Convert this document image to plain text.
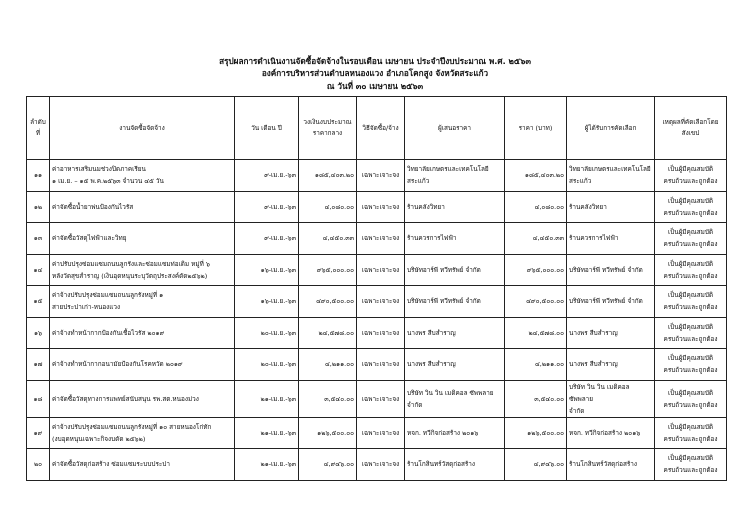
สรุปผลการดำเนินงานจัดซื้อจัดจ้างในรอบเดือน เมษายน ประจำปีงบประมาณ พ.ศ. ๒๕๖๓
องค์การบริหารส่วนตำบลหนองแวง อำเภอโคกสูง จังหวัดสระแก้ว
ณ วันที่ ๓๐ เมษายน ๒๕๖๓
ลำดับที่	งานจัดซื้อจัดจ้าง	วัน เดือน ปี	วงเงินงบประมาณราคากลาง	วิธีจัดซื้อ/จ้าง	ผู้เสนอราคา	ราคา (บาท)	ผู้ได้รับการคัดเลือก	เหตุผลที่คัดเลือกโดยสังเขป
๑๑	ค่าอาหารเสริมนมช่วงปิดภาคเรียน
๑ เม.ย. – ๑๕ พ.ค.๒๕๖๓ จำนวน ๔๕ วัน	๙-เม.ย.-๖๓	๑๘๕,๔๐๓.๒๐	เฉพาะเจาะจง	วิทยาลัยเกษตรและเทคโนโลยี
สระแก้ว	๑๘๕,๔๐๓.๒๐	วิทยาลัยเกษตรและเทคโนโลยี
สระแก้ว	เป็นผู้มีคุณสมบัติ
ครบถ้วนและถูกต้อง
๑๒	ค่าจัดซื้อน้ำยาพ่นป้องกันไวรัส	๙-เม.ย.-๖๓	๔,๐๘๐.๐๐	เฉพาะเจาะจง	ร้านคลังวิทยา	๔,๐๘๐.๐๐	ร้านคลังวิทยา	เป็นผู้มีคุณสมบัติ
ครบถ้วนและถูกต้อง
๑๓	ค่าจัดซื้อวัสดุไฟฟ้าและวิทยุ	๙-เม.ย.-๖๓	๔,๔๕๐.๓๓	เฉพาะเจาะจง	ร้านควรการไฟฟ้า	๔,๔๕๐.๓๓	ร้านควรการไฟฟ้า	เป็นผู้มีคุณสมบัติ
ครบถ้วนและถูกต้อง
๑๔	ค่าปรับปรุงซ่อมแซมถนนลูกรังและซ่อมแซมท่อเดิม หมู่ที่ ๖
หลังวัดสุขสำราญ (เงินอุดหนุนระบุวัตถุประสงค์ดัด๒๕๖๒)	๑๖-เม.ย.-๖๓	๙๖๕,๐๐๐.๐๐	เฉพาะเจาะจง	บริษัทอาร์พี ทวีทรัพย์ จำกัด	๙๖๕,๐๐๐.๐๐	บริษัทอาร์พี ทวีทรัพย์ จำกัด	เป็นผู้มีคุณสมบัติ
ครบถ้วนและถูกต้อง
๑๕	ค่าจ้างปรับปรุงซ่อมแซมถนนลูกรังหมู่ที่ ๑
สายประปาเก่า-หนองแวง	๑๖-เม.ย.-๖๓	๔๙๐,๕๐๐.๐๐	เฉพาะเจาะจง	บริษัทอาร์พี ทวีทรัพย์ จำกัด	๔๙๐,๕๐๐.๐๐	บริษัทอาร์พี ทวีทรัพย์ จำกัด	เป็นผู้มีคุณสมบัติ
ครบถ้วนและถูกต้อง
๑๖	ค่าจ้างทำหน้ากากป้องกันเชื้อไวรัส ๒๐๑๙	๒๐-เม.ย.-๖๓	๒๔,๕๗๘.๐๐	เฉพาะเจาะจง	นางพร สืบสำราญ	๒๔,๕๗๘.๐๐	นางพร สืบสำราญ	เป็นผู้มีคุณสมบัติ
ครบถ้วนและถูกต้อง
๑๗	ค่าจ้างทำหน้ากากอนามัยป้องกันโรคหวัด ๒๐๑๙	๒๐-เม.ย.-๖๓	๔,๒๑๑.๐๐	เฉพาะเจาะจง	นางพร สืบสำราญ	๔,๒๑๑.๐๐	นางพร สืบสำราญ	เป็นผู้มีคุณสมบัติ
ครบถ้วนและถูกต้อง
๑๘	ค่าจัดซื้อวัสดุทางการแพทย์สนับสนุน รพ.สต.หนองม่วง	๒๑-เม.ย.-๖๓	๓,๕๔๐.๐๐	เฉพาะเจาะจง	บริษัท วิน วิน เมดิคอล ซัพพลาย
จำกัด	๓,๕๔๐.๐๐	บริษัท วิน วิน เมดิคอล ซัพพลาย
จำกัด	เป็นผู้มีคุณสมบัติ
ครบถ้วนและถูกต้อง
๑๙	ค่าจ้างปรับปรุงซ่อมแซมถนนลูกรังหมู่ที่ ๑๐ สายหนองโก่ทัก
(งบอุดหนุนเฉพาะกิจงบดัด ๒๕๖๒)	๒๑-เม.ย.-๖๓	๑๒๖,๕๐๐.๐๐	เฉพาะเจาะจง	หจก. ทวีกิจก่อสร้าง ๒๐๑๖	๑๒๖,๕๐๐.๐๐	หจก. ทวีกิจก่อสร้าง ๒๐๑๖	เป็นผู้มีคุณสมบัติ
ครบถ้วนและถูกต้อง
๒๐	ค่าจัดซื้อวัสดุก่อสร้าง ซ่อมแซมระบบประปา	๒๑-เม.ย.-๖๓	๔,๙๔๖.๐๐	เฉพาะเจาะจง	ร้านโกสินทร์วัสดุก่อสร้าง	๔,๙๔๖.๐๐	ร้านโกสินทร์วัสดุก่อสร้าง	เป็นผู้มีคุณสมบัติ
ครบถ้วนและถูกต้อง
